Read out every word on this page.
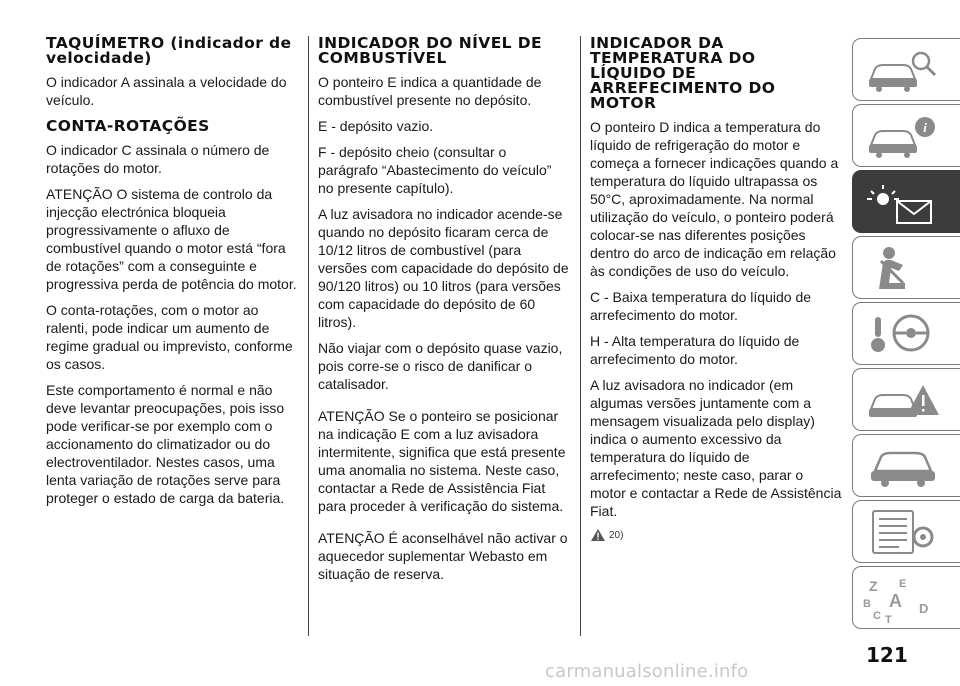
TAQUÍMETRO (indicador de velocidade)

O indicador A assinala a velocidade do veículo.

CONTA-ROTAÇÕES

O indicador C assinala o número de rotações do motor.

ATENÇÃO O sistema de controlo da injecção electrónica bloqueia progressivamente o afluxo de combustível quando o motor está “fora de rotações” com a conseguinte e progressiva perda de potência do motor.

O conta-rotações, com o motor ao ralenti, pode indicar um aumento de regime gradual ou imprevisto, conforme os casos.

Este comportamento é normal e não deve levantar preocupações, pois isso pode verificar-se por exemplo com o accionamento do climatizador ou do electroventilador. Nestes casos, uma lenta variação de rotações serve para proteger o estado de carga da bateria.

INDICADOR DO NÍVEL DE COMBUSTÍVEL

O ponteiro E indica a quantidade de combustível presente no depósito.

E - depósito vazio.

F - depósito cheio (consultar o parágrafo “Abastecimento do veículo” no presente capítulo).

A luz avisadora no indicador acende-se quando no depósito ficaram cerca de 10/12 litros de combustível (para versões com capacidade do depósito de 90/120 litros) ou 10 litros (para versões com capacidade do depósito de 60 litros).

Não viajar com o depósito quase vazio, pois corre-se o risco de danificar o catalisador.

ATENÇÃO Se o ponteiro se posicionar na indicação E com a luz avisadora intermitente, significa que está presente uma anomalia no sistema. Neste caso, contactar a Rede de Assistência Fiat para proceder à verificação do sistema.

ATENÇÃO É aconselhável não activar o aquecedor suplementar Webasto em situação de reserva.

INDICADOR DA TEMPERATURA DO LÍQUIDO DE ARREFECIMENTO DO MOTOR

O ponteiro D indica a temperatura do líquido de refrigeração do motor e começa a fornecer indicações quando a temperatura do líquido ultrapassa os 50°C, aproximadamente. Na normal utilização do veículo, o ponteiro poderá colocar-se nas diferentes posições dentro do arco de indicação em relação às condições de uso do veículo.

C - Baixa temperatura do líquido de arrefecimento do motor.

H - Alta temperatura do líquido de arrefecimento do motor.

A luz avisadora no indicador (em algumas versões juntamente com a mensagem visualizada pelo display) indica o aumento excessivo da temperatura do líquido de arrefecimento; neste caso, parar o motor e contactar a Rede de Assistência Fiat.

20)
i
Z E
B A
C	D
T
121
carmanualsonline.info
